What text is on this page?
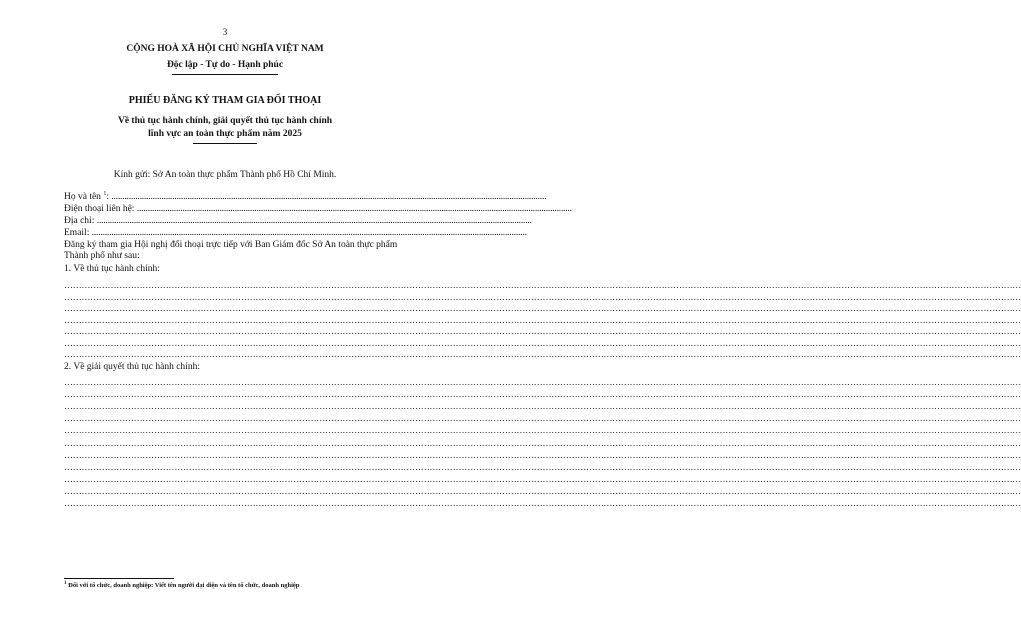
3
CỘNG HOÀ XÃ HỘI CHỦ NGHĨA VIỆT NAM
Độc lập - Tự do - Hạnh phúc
PHIẾU ĐĂNG KÝ THAM GIA ĐỐI THOẠI
Về thủ tục hành chính, giải quyết thủ tục hành chính
lĩnh vực an toàn thực phẩm năm 2025
Kính gửi: Sở An toàn thực phẩm Thành phố Hồ Chí Minh.
Họ và tên $^1$: ........................................................................................................................................................................................................
Điện thoại liên hệ: ........................................................................................................................................................................................................
Địa chỉ: ........................................................................................................................................................................................................
Email: ........................................................................................................................................................................................................
Đăng ký tham gia Hội nghị đối thoại trực tiếp với Ban Giám đốc Sở An toàn thực phẩm Thành phố như sau:
1. Về thủ tục hành chính:
……………………………………………………………………………………………………………………………………………………………………………………………………………………………………………………………………………………………………
……………………………………………………………………………………………………………………………………………………………………………………………………………………………………………………………………………………………………
……………………………………………………………………………………………………………………………………………………………………………………………………………………………………………………………………………………………………
……………………………………………………………………………………………………………………………………………………………………………………………………………………………………………………………………………………………………
……………………………………………………………………………………………………………………………………………………………………………………………………………………………………………………………………………………………………
……………………………………………………………………………………………………………………………………………………………………………………………………………………………………………………………………………………………………
……………………………………………………………………………………………………………………………………………………………………………………………………………………………………………………………………………………………………
2. Về giải quyết thủ tục hành chính:
……………………………………………………………………………………………………………………………………………………………………………………………………………………………………………………………………………………………………
……………………………………………………………………………………………………………………………………………………………………………………………………………………………………………………………………………………………………
……………………………………………………………………………………………………………………………………………………………………………………………………………………………………………………………………………………………………
……………………………………………………………………………………………………………………………………………………………………………………………………………………………………………………………………………………………………
……………………………………………………………………………………………………………………………………………………………………………………………………………………………………………………………………………………………………
……………………………………………………………………………………………………………………………………………………………………………………………………………………………………………………………………………………………………
……………………………………………………………………………………………………………………………………………………………………………………………………………………………………………………………………………………………………
……………………………………………………………………………………………………………………………………………………………………………………………………………………………………………………………………………………………………
……………………………………………………………………………………………………………………………………………………………………………………………………………………………………………………………………………………………………
……………………………………………………………………………………………………………………………………………………………………………………………………………………………………………………………………………………………………
……………………………………………………………………………………………………………………………………………………………………………………………………………………………………………………………………………………………………
$^1$ Đối với tổ chức, doanh nghiệp: Viết tên người đại diện và tên tổ chức, doanh nghiệp
